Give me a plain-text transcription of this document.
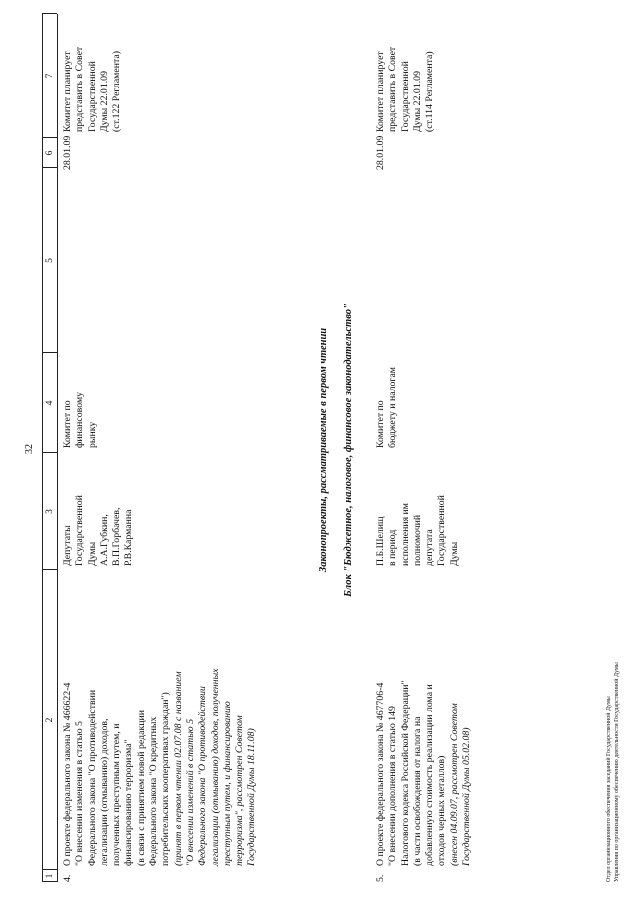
32
1
2
3
4
5
6
7
4.
О проекте федерального закона № 466622-4 "О внесении изменения в статью 5 Федерального закона "О противодействии легализации (отмыванию) доходов, полученных преступным путем, и финансированию терроризма" (в связи с принятием новой редакции Федерального закона "О кредитных потребительских кооперативах граждан") (принят в первом чтении 02.07.08 с названием "О внесении изменений в статью 5 Федерального закона "О противодействии легализации (отмыванию) доходов, полученных преступным путем, и финансированию терроризма", рассмотрен Советом Государственной Думы 18.11.08)
Депутаты Государственной Думы А.А.Губкин, В.П.Горбачев, Р.В.Карманна
Комитет по финансовому рынку
28.01.09
Комитет планирует представить в Совет Государственной Думы 22.01.09 (ст.122 Регламента)
Законопроекты, рассматриваемые в первом чтении Блок "Бюджетное, налоговое, финансовое законодательство"
5.
О проекте федерального закона № 467706-4 "О внесении дополнения в статью 149 Налогового кодекса Российской Федерации" (в части освобождения от налога на добавленную стоимость реализации лома и отходов черных металлов) (внесен 04.09.07, рассмотрен Советом Государственной Думы 05.02.08)
П.Б.Шелищ в период исполнения им полномочий депутата Государственной Думы
Комитет по бюджету и налогам
28.01.09
Комитет планирует представить в Совет Государственной Думы 22.01.09 (ст.114 Регламента)
Отдел организационного обеспечения заседаний Государственной Думы Управления по организационному обеспечению деятельности Государственной Думы
